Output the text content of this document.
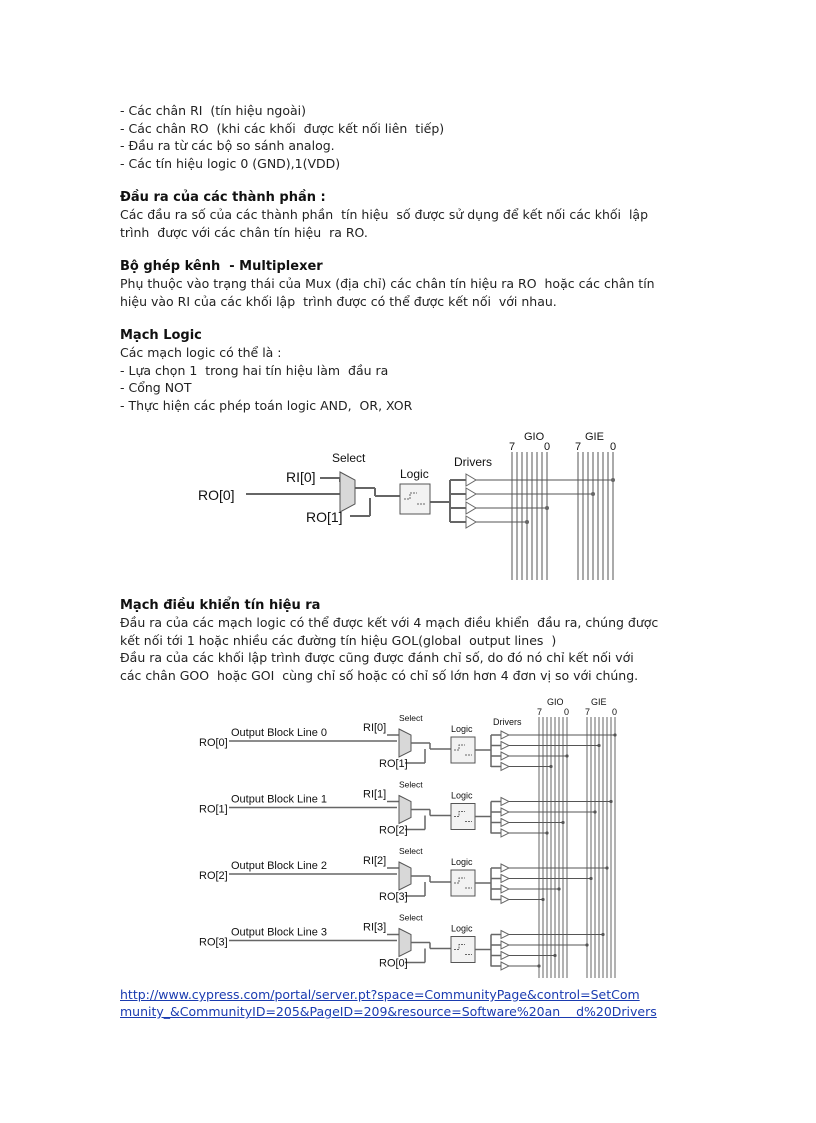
- Các chân RI  (tín hiệu ngoài)
- Các chân RO  (khi các khối  được kết nối liên  tiếp)
- Đầu ra từ các bộ so sánh analog.
- Các tín hiệu logic 0 (GND),1(VDD)
Đầu ra của các thành phần :
Các đầu ra số của các thành phần  tín hiệu  số được sử dụng để kết nối các khối  lập
trình  được với các chân tín hiệu  ra RO.
Bộ ghép kênh  - Multiplexer
Phụ thuộc vào trạng thái của Mux (địa chỉ) các chân tín hiệu ra RO  hoặc các chân tín
hiệu vào RI của các khối lập  trình được có thể được kết nối  với nhau.
Mạch Logic
Các mạch logic có thể là :
- Lựa chọn 1  trong hai tín hiệu làm  đầu ra
- Cổng NOT
- Thực hiện các phép toán logic AND,  OR, XOR
RO[0]
RI[0]
RO[1]
Select
Logic
Drivers
GIO	GIE
7	0 7	0
Mạch điều khiển tín hiệu ra
Đầu ra của các mạch logic có thể được kết với 4 mạch điều khiển  đầu ra, chúng được
kết nối tới 1 hoặc nhiều các đường tín hiệu GOL(global  output lines  )
Đầu ra của các khối lập trình được cũng được đánh chỉ số, do đó nó chỉ kết nối với
các chân GOO  hoặc GOI  cùng chỉ số hoặc có chỉ số lớn hơn 4 đơn vị so với chúng.
GIO	GIE
7 0 7 0
Drivers
RO[0]
Output Block Line 0	RI[0]
RO[1]
Select
Logic
RO[1]
Output Block Line 1	RI[1]
RO[2]
Select
Logic
RO[2]
Output Block Line 2	RI[2]
RO[3]
Select
Logic
RO[3]
Output Block Line 3	RI[3]
RO[0]
Select
Logic
http://www.cypress.com/portal/server.pt?space=CommunityPage&control=SetCom
munity_&CommunityID=205&PageID=209&resource=Software%20an    d%20Drivers
